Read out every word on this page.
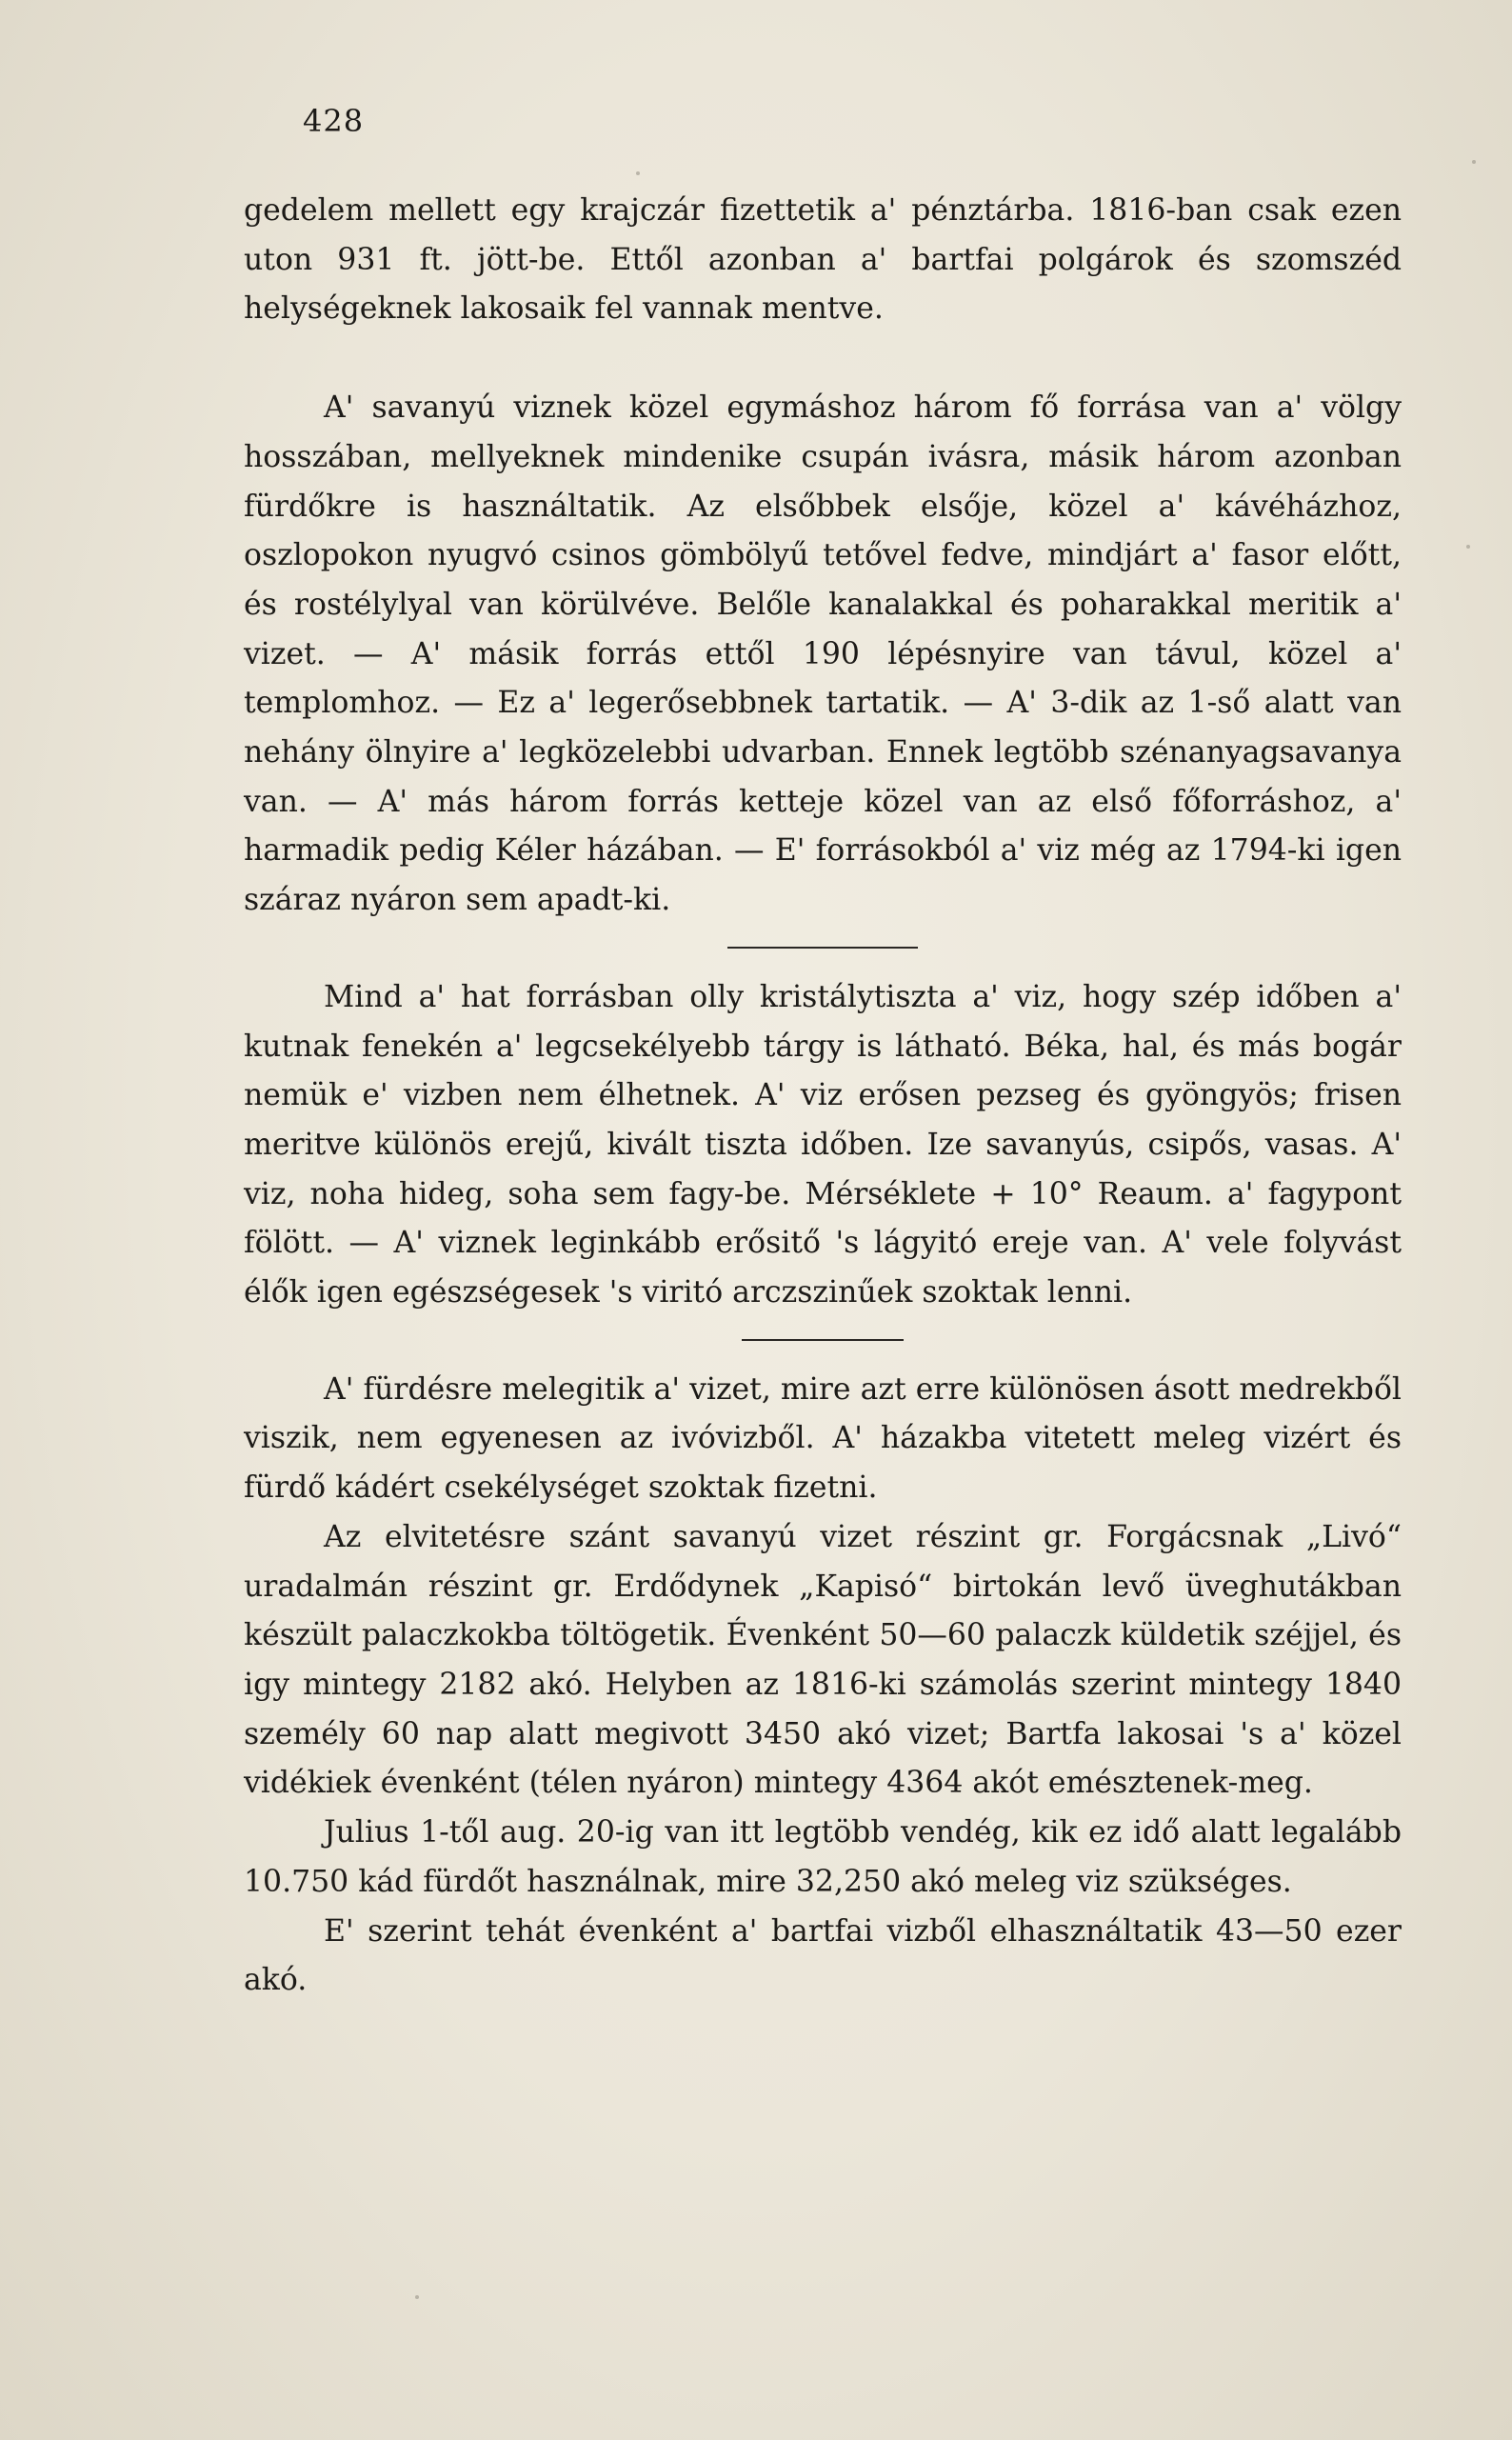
428

gedelem mellett egy krajczár fizettetik a' pénztárba. 1816-ban csak ezen uton 931 ft. jött-be. Ettől azonban a' bartfai polgárok és szomszéd helységeknek lakosaik fel vannak mentve.

A' savanyú viznek közel egymáshoz három fő forrása van a' völgy hosszában, mellyeknek mindenike csupán ivásra, másik három azonban fürdőkre is használtatik. Az elsőbbek elsője, közel a' kávéházhoz, oszlopokon nyugvó csinos gömbölyű tetővel fedve, mindjárt a' fasor előtt, és rostélylyal van körülvéve. Belőle kanalakkal és poharakkal meritik a' vizet. — A' másik forrás ettől 190 lépésnyire van távul, közel a' templomhoz. — Ez a' legerősebbnek tartatik. — A' 3-dik az 1-ső alatt van nehány ölnyire a' legközelebbi udvarban. Ennek legtöbb szénanyagsavanya van. — A' más három forrás ketteje közel van az első főforráshoz, a' harmadik pedig Kéler házában. — E' forrásokból a' viz még az 1794-ki igen száraz nyáron sem apadt-ki.

Mind a' hat forrásban olly kristálytiszta a' viz, hogy szép időben a' kutnak fenekén a' legcsekélyebb tárgy is látható. Béka, hal, és más bogár nemük e' vizben nem élhetnek. A' viz erősen pezseg és gyöngyös; frisen meritve különös erejű, kivált tiszta időben. Ize savanyús, csipős, vasas. A' viz, noha hideg, soha sem fagy-be. Mérséklete + 10° Reaum. a' fagypont fölött. — A' viznek leginkább erősitő 's lágyitó ereje van. A' vele folyvást élők igen egészségesek 's viritó arczszinűek szoktak lenni.

A' fürdésre melegitik a' vizet, mire azt erre különösen ásott medrekből viszik, nem egyenesen az ivóvizből. A' házakba vitetett meleg vizért és fürdő kádért csekélységet szoktak fizetni.

Az elvitetésre szánt savanyú vizet részint gr. Forgácsnak „Livó“ uradalmán részint gr. Erdődynek „Kapisó“ birtokán levő üveghutákban készült palaczkokba töltögetik. Évenként 50—60 palaczk küldetik széjjel, és igy mintegy 2182 akó. Helyben az 1816-ki számolás szerint mintegy 1840 személy 60 nap alatt megivott 3450 akó vizet; Bartfa lakosai 's a' közel vidékiek évenként (télen nyáron) mintegy 4364 akót emésztenek-meg.

Julius 1-től aug. 20-ig van itt legtöbb vendég, kik ez idő alatt legalább 10.750 kád fürdőt használnak, mire 32,250 akó meleg viz szükséges.

E' szerint tehát évenként a' bartfai vizből elhasználtatik 43—50 ezer akó.
